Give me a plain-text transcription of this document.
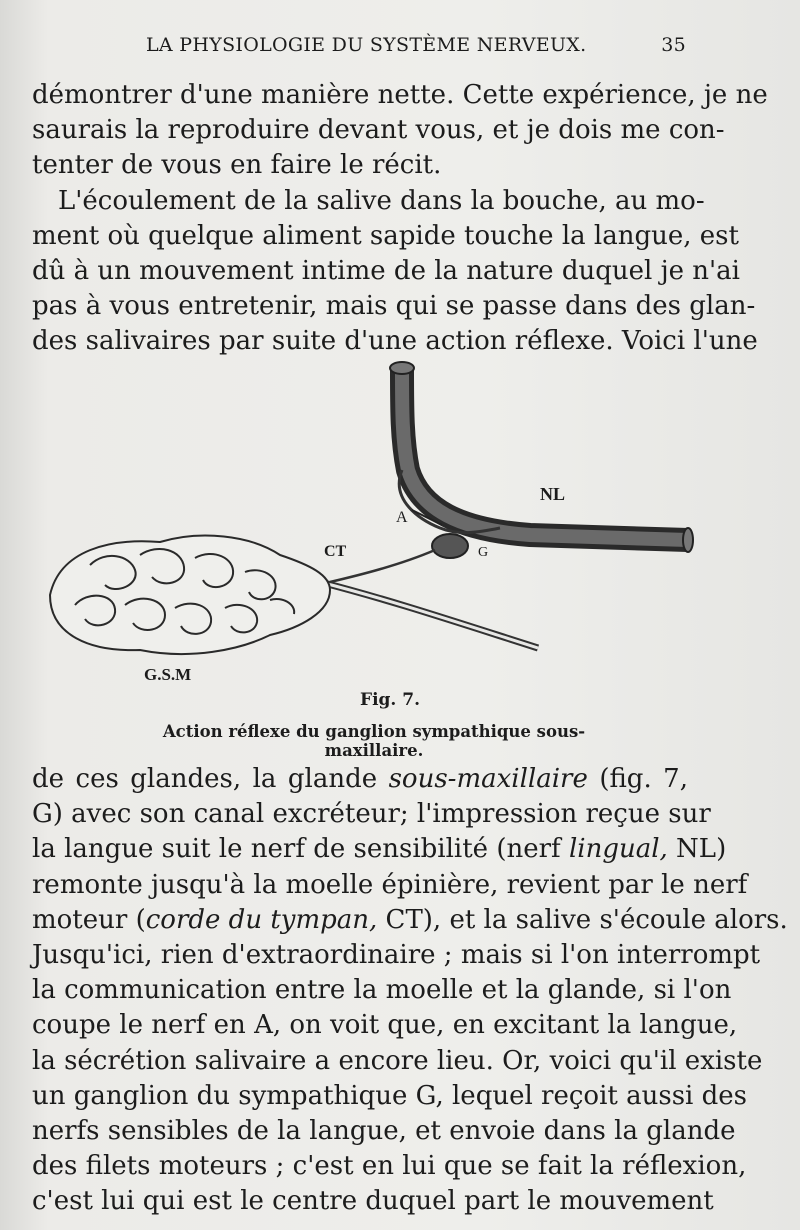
LA PHYSIOLOGIE DU SYSTÈME NERVEUX.	35
démontrer d'une manière nette. Cette expérience, je ne
saurais la reproduire devant vous, et je dois me con-
tenter de vous en faire le récit.
L'écoulement de la salive dans la bouche, au mo-
ment où quelque aliment sapide touche la langue, est
dû à un mouvement intime de la nature duquel je n'ai
pas à vous entretenir, mais qui se passe dans des glan-
des salivaires par suite d'une action réflexe. Voici l'une
NL
A
CT	G
G.S.M
Fig. 7.
Action réflexe du ganglion sympathique sous-maxillaire.
de ces glandes, la glande sous-maxillaire (fig. 7,
G) avec son canal excréteur; l'impression reçue sur
la langue suit le nerf de sensibilité (nerf lingual, NL)
remonte jusqu'à la moelle épinière, revient par le nerf
moteur (corde du tympan, CT), et la salive s'écoule alors.
Jusqu'ici, rien d'extraordinaire ; mais si l'on interrompt
la communication entre la moelle et la glande, si l'on
coupe le nerf en A, on voit que, en excitant la langue,
la sécrétion salivaire a encore lieu. Or, voici qu'il existe
un ganglion du sympathique G, lequel reçoit aussi des
nerfs sensibles de la langue, et envoie dans la glande
des filets moteurs ; c'est en lui que se fait la réflexion,
c'est lui qui est le centre duquel part le mouvement
